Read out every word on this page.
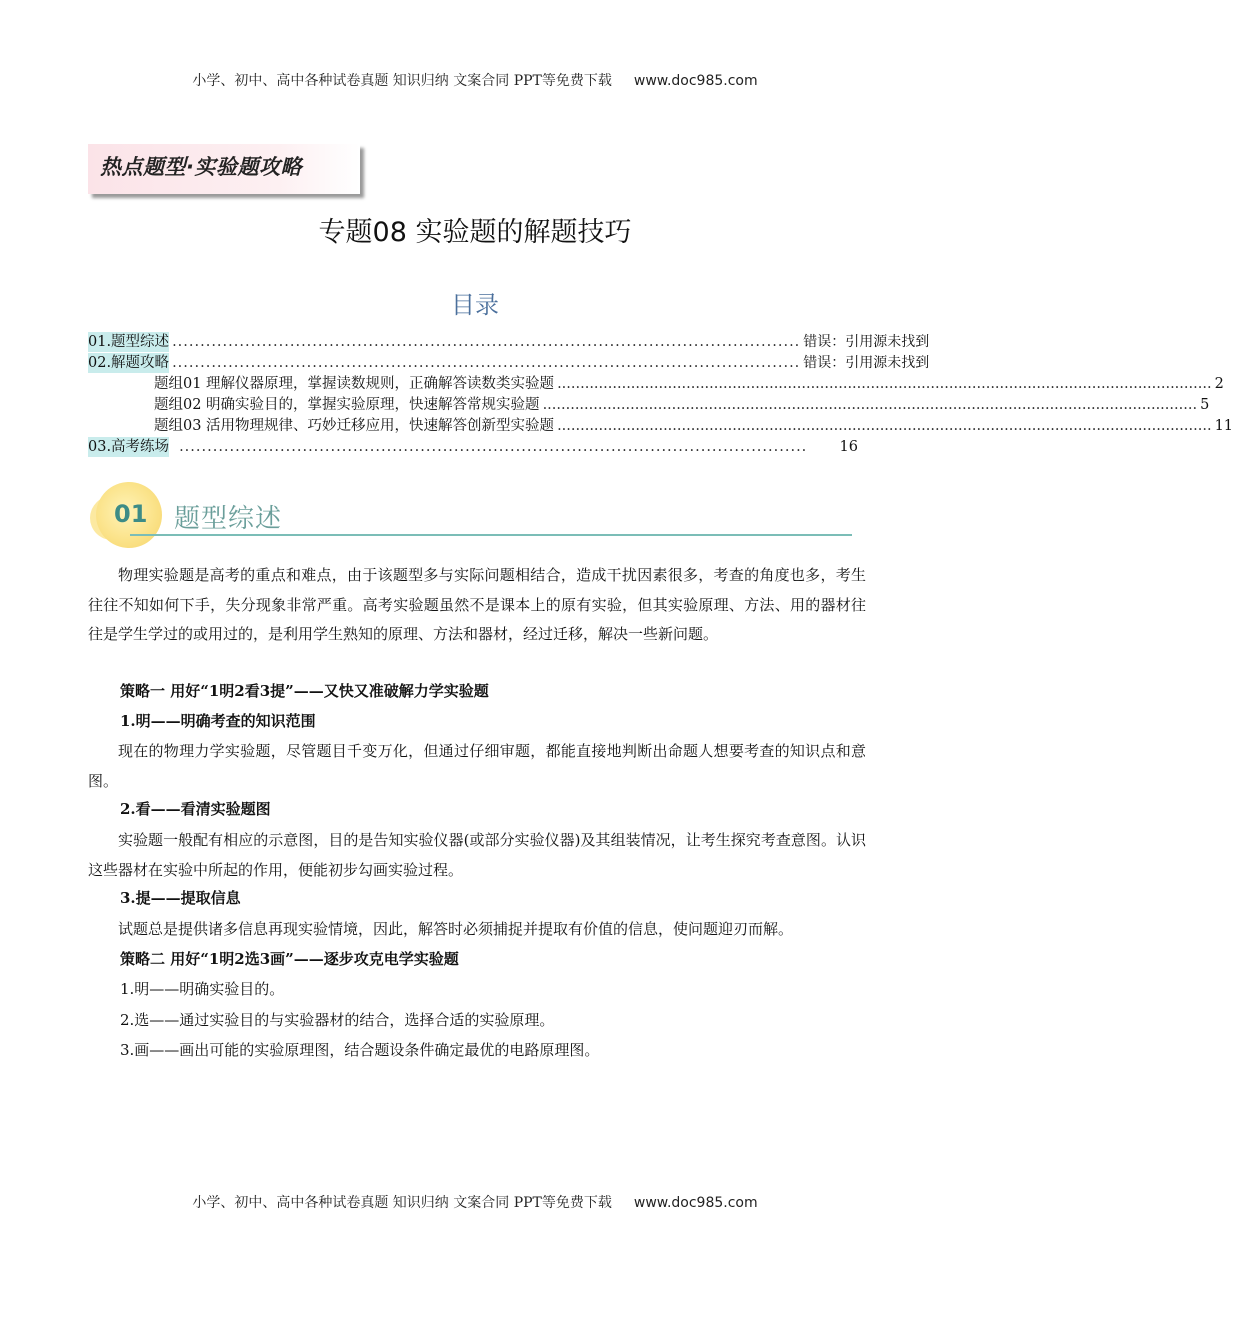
小学、初中、高中各种试卷真题 知识归纳 文案合同 PPT等免费下载 www.doc985.com
热点题型·实验题攻略
专题08 实验题的解题技巧
目录
01.题型综述 ................................................................................................................ 错误：引用源未找到
02.解题攻略 ................................................................................................................ 错误：引用源未找到
题组01 理解仪器原理，掌握读数规则，正确解答读数类实验题 .............................................................................................................................................. 2
题组02 明确实验目的，掌握实验原理，快速解答常规实验题 .............................................................................................................................................. 5
题组03 活用物理规律、巧妙迁移应用，快速解答创新型实验题 .............................................................................................................................................. 11
03.高考练场 ................................................................................................................	16
01 题型综述
物理实验题是高考的重点和难点，由于该题型多与实际问题相结合，造成干扰因素很多，考查的角度也多，考生往往不知如何下手，失分现象非常严重。高考实验题虽然不是课本上的原有实验，但其实验原理、方法、用的器材往往是学生学过的或用过的，是利用学生熟知的原理、方法和器材，经过迁移，解决一些新问题。
策略一 用好“1明2看3提”——又快又准破解力学实验题
1.明——明确考查的知识范围
现在的物理力学实验题，尽管题目千变万化，但通过仔细审题，都能直接地判断出命题人想要考查的知识点和意图。
2.看——看清实验题图
实验题一般配有相应的示意图，目的是告知实验仪器(或部分实验仪器)及其组装情况，让考生探究考查意图。认识这些器材在实验中所起的作用，便能初步勾画实验过程。
3.提——提取信息
试题总是提供诸多信息再现实验情境，因此，解答时必须捕捉并提取有价值的信息，使问题迎刃而解。
策略二 用好“1明2选3画”——逐步攻克电学实验题
1.明——明确实验目的。
2.选——通过实验目的与实验器材的结合，选择合适的实验原理。
3.画——画出可能的实验原理图，结合题设条件确定最优的电路原理图。
小学、初中、高中各种试卷真题 知识归纳 文案合同 PPT等免费下载 www.doc985.com
